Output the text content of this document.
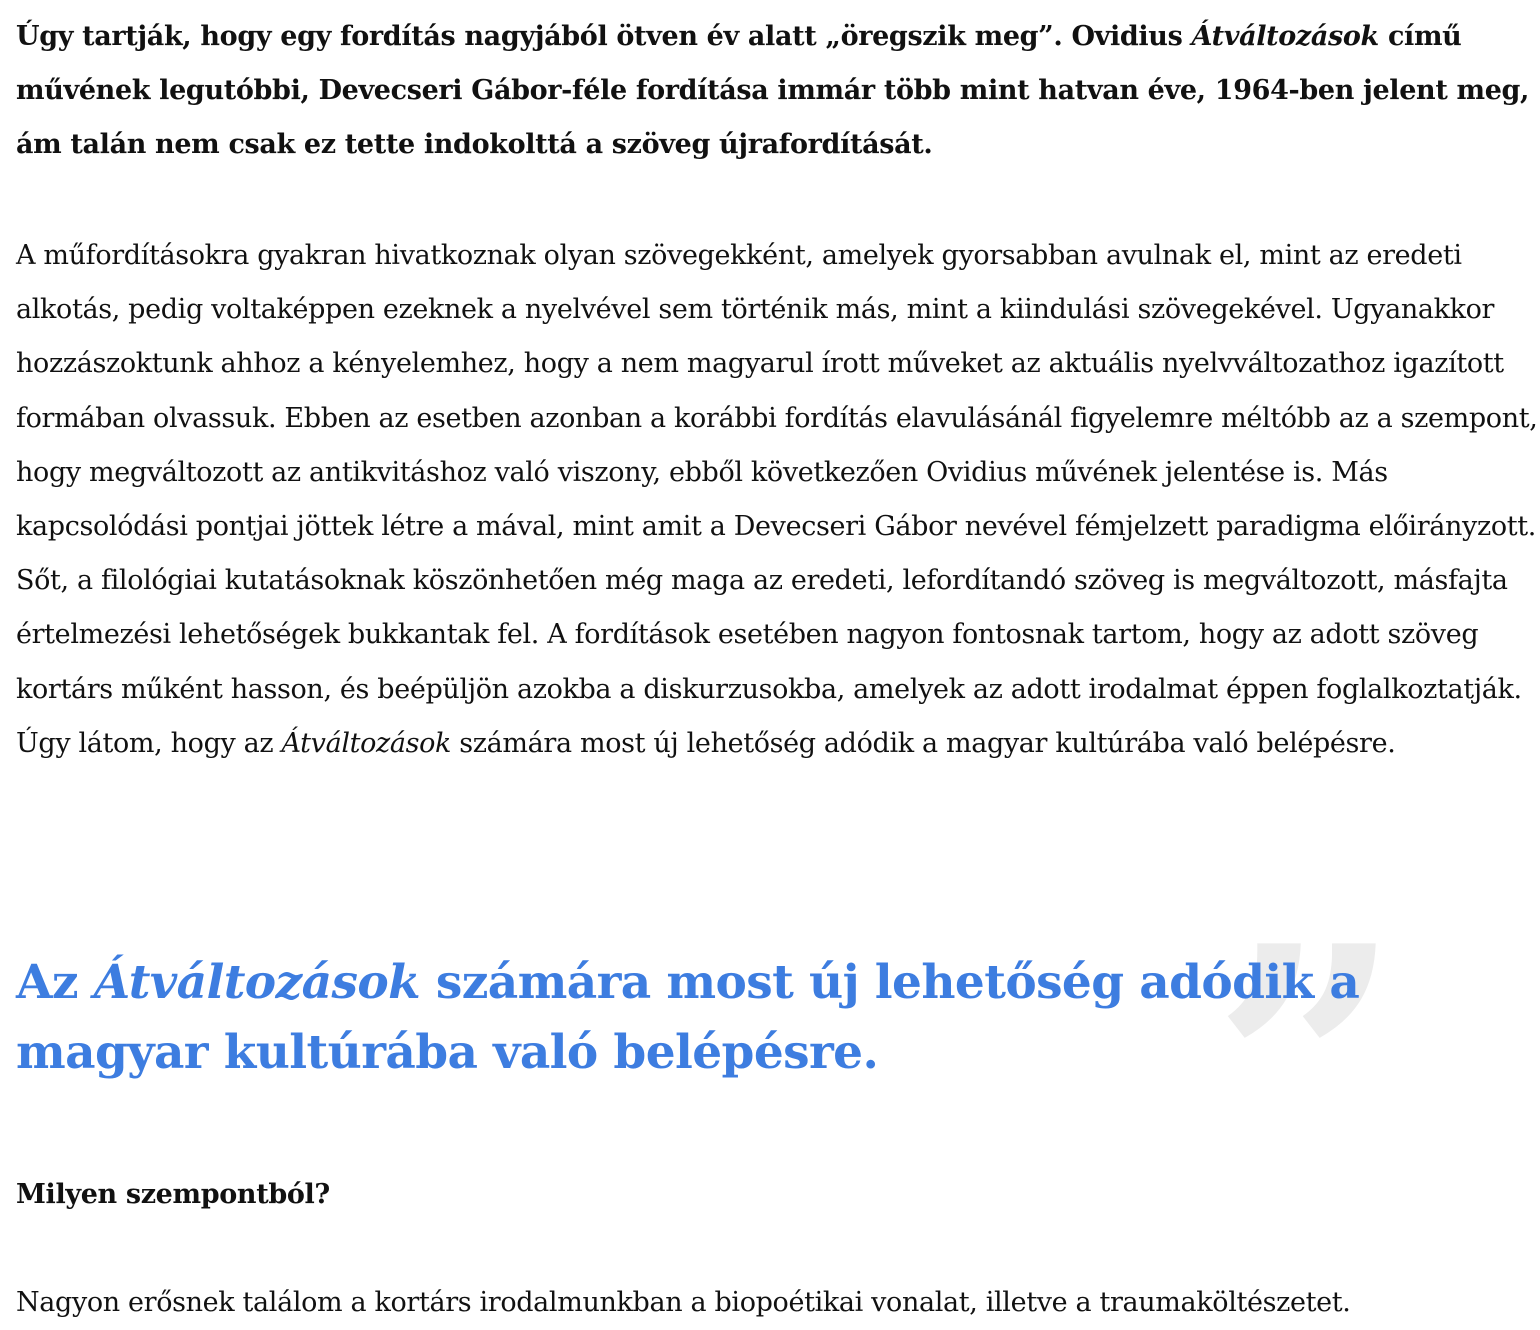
Úgy tartják, hogy egy fordítás nagyjából ötven év alatt „öregszik meg”. Ovidius Átváltozások című művének legutóbbi, Devecseri Gábor-féle fordítása immár több mint hatvan éve, 1964-ben jelent meg, ám talán nem csak ez tette indokolttá a szöveg újrafordítását.

A műfordításokra gyakran hivatkoznak olyan szövegekként, amelyek gyorsabban avulnak el, mint az eredeti alkotás, pedig voltaképpen ezeknek a nyelvével sem történik más, mint a kiindulási szövegekével. Ugyanakkor hozzászoktunk ahhoz a kényelemhez, hogy a nem magyarul írott műveket az aktuális nyelvváltozathoz igazított formában olvassuk. Ebben az esetben azonban a korábbi fordítás elavulásánál figyelemre méltóbb az a szempont, hogy megváltozott az antikvitáshoz való viszony, ebből következően Ovidius művének jelentése is. Más kapcsolódási pontjai jöttek létre a mával, mint amit a Devecseri Gábor nevével fémjelzett paradigma előirányzott. Sőt, a filológiai kutatásoknak köszönhetően még maga az eredeti, lefordítandó szöveg is megváltozott, másfajta értelmezési lehetőségek bukkantak fel. A fordítások esetében nagyon fontosnak tartom, hogy az adott szöveg kortárs műként hasson, és beépüljön azokba a diskurzusokba, amelyek az adott irodalmat éppen foglalkoztatják. Úgy látom, hogy az Átváltozások számára most új lehetőség adódik a magyar kultúrába való belépésre.

”

Az Átváltozások számára most új lehetőség adódik a magyar kultúrába való belépésre.

Milyen szempontból?

Nagyon erősnek találom a kortárs irodalmunkban a biopoétikai vonalat, illetve a traumaköltészetet.
